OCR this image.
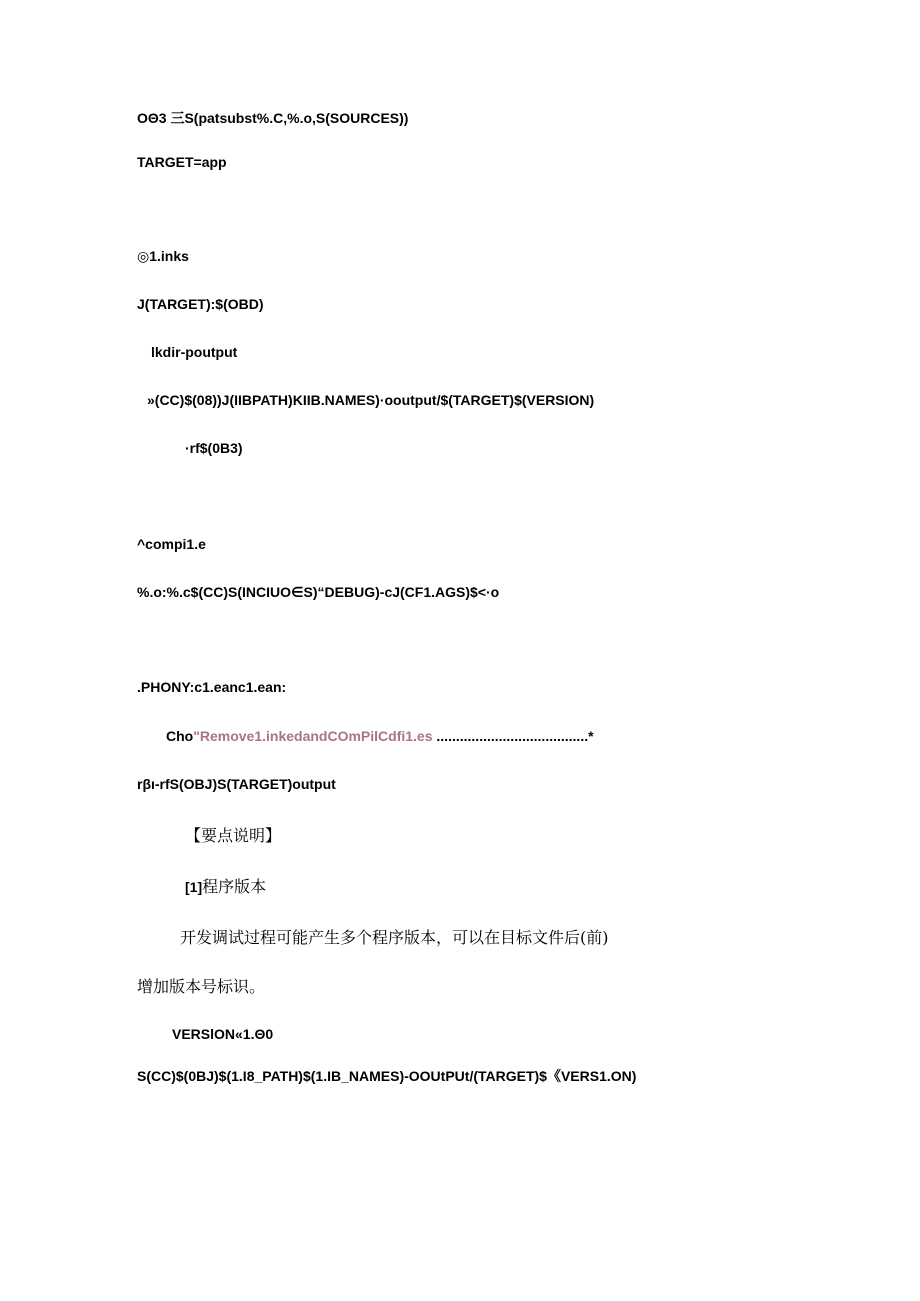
OΘ3 三S(patsubst%.C,%.o,S(SOURCES))
TARGET=app
◎1.inks
J(TARGET):$(OBD)
lkdir-poutput
»(CC)$(08))J(IIBPATH)KIIB.NAMES)·ooutput/$(TARGET)$(VERSION)
·rf$(0B3)
^compi1.e
%.o:%.c$(CC)S(INCIUO∈S)“DEBUG)-cJ(CF1.AGS)$<·o
.PHONY:c1.eanc1.ean:
Cho"Remove1.inkedandCOmPilCdfi1.es .......................................*
rβı-rfS(OBJ)S(TARGET)output
【要点说明】
[1]程序版本
开发调试过程可能产生多个程序版本，可以在目标文件后(前)
增加版本号标识。
VERSlON«1.Θ0
S(CC)$(0BJ)$(1.I8_PATH)$(1.IB_NAMES)-OOUtPUt/(TARGET)$《VERS1.ON)
